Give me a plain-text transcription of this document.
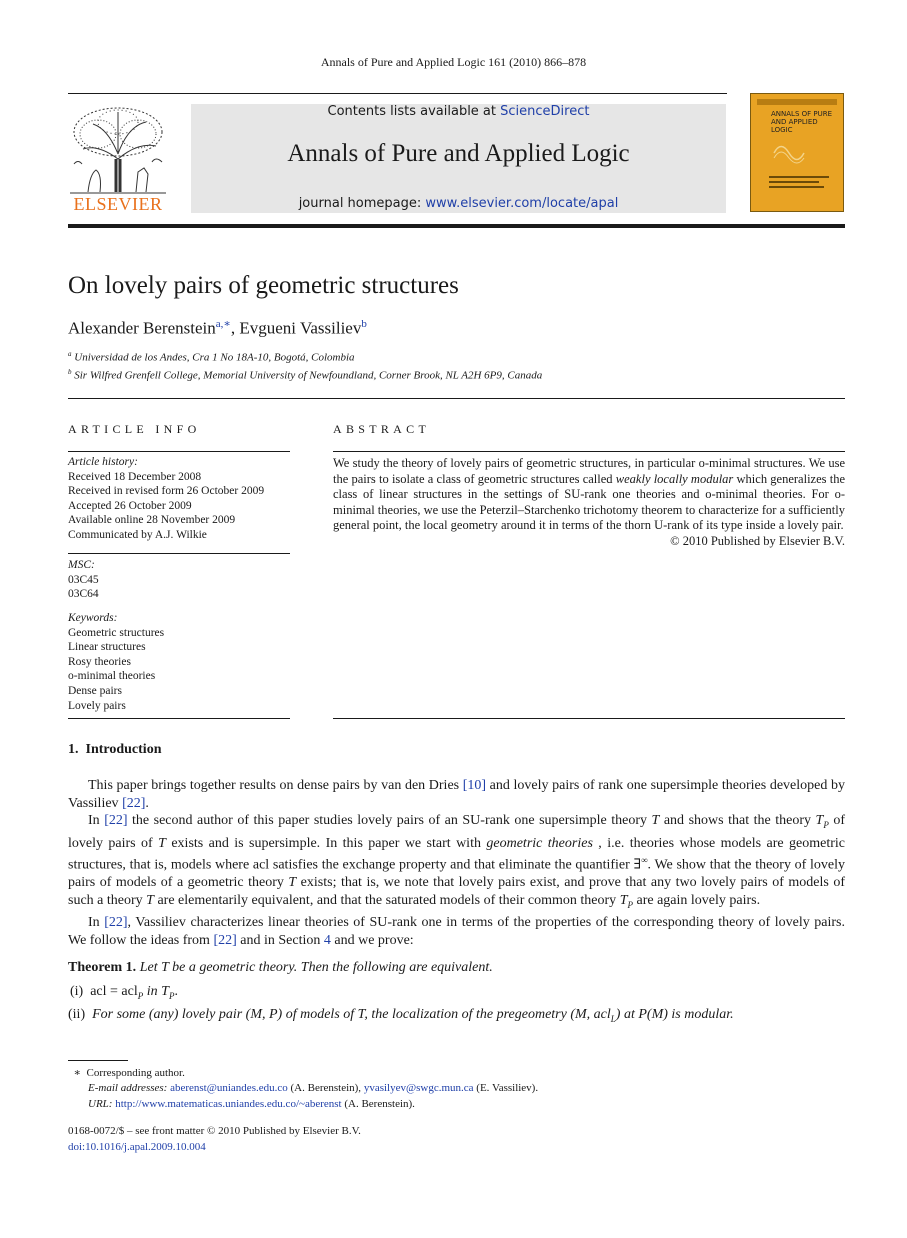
Annals of Pure and Applied Logic 161 (2010) 866–878
ELSEVIER
Contents lists available at ScienceDirect
Annals of Pure and Applied Logic
journal homepage: www.elsevier.com/locate/apal
ANNALS OF PURE AND APPLIED LOGIC
On lovely pairs of geometric structures
Alexander Berenstein$^{a,∗}$, Evgueni Vassiliev$^b$
$^a$ Universidad de los Andes, Cra 1 No 18A-10, Bogotá, Colombia
$^b$ Sir Wilfred Grenfell College, Memorial University of Newfoundland, Corner Brook, NL A2H 6P9, Canada
ARTICLE INFO
Article history:
Received 18 December 2008
Received in revised form 26 October 2009
Accepted 26 October 2009
Available online 28 November 2009
Communicated by A.J. Wilkie
MSC:
03C45
03C64
Keywords:
Geometric structures
Linear structures
Rosy theories
o-minimal theories
Dense pairs
Lovely pairs
ABSTRACT
We study the theory of lovely pairs of geometric structures, in particular o-minimal structures. We use the pairs to isolate a class of geometric structures called weakly locally modular which generalizes the class of linear structures in the settings of SU-rank one theories and o-minimal theories. For o-minimal theories, we use the Peterzil–Starchenko trichotomy theorem to characterize for a sufficiently general point, the local geometry around it in terms of the thorn U-rank of its type inside a lovely pair.
© 2010 Published by Elsevier B.V.
1. Introduction

This paper brings together results on dense pairs by van den Dries [10] and lovely pairs of rank one supersimple theories developed by Vassiliev [22].

In [22] the second author of this paper studies lovely pairs of an SU-rank one supersimple theory T and shows that the theory $T_P$ of lovely pairs of T exists and is supersimple. In this paper we start with geometric theories , i.e. theories whose models are geometric structures, that is, models where acl satisfies the exchange property and that eliminate the quantifier ∃∞. We show that the theory of lovely pairs of models of a geometric theory T exists; that is, we note that lovely pairs exist, and prove that any two lovely pairs of models of such a theory T are elementarily equivalent, and that the saturated models of their common theory $T_P$ are again lovely pairs.

In [22], Vassiliev characterizes linear theories of SU-rank one in terms of the properties of the corresponding theory of lovely pairs. We follow the ideas from [22] and in Section 4 and we prove:

Theorem 1. Let T be a geometric theory. Then the following are equivalent.
(i) acl = acl$_P$ in $T_P$.
(ii) For some (any) lovely pair (M, P) of models of T, the localization of the pregeometry (M, acl$_L$) at P(M) is modular.
∗ Corresponding author.
E-mail addresses: aberenst@uniandes.edu.co (A. Berenstein), yvasilyev@swgc.mun.ca (E. Vassiliev).
URL: http://www.matematicas.uniandes.edu.co/~aberenst (A. Berenstein).
0168-0072/$ – see front matter © 2010 Published by Elsevier B.V.
doi:10.1016/j.apal.2009.10.004
